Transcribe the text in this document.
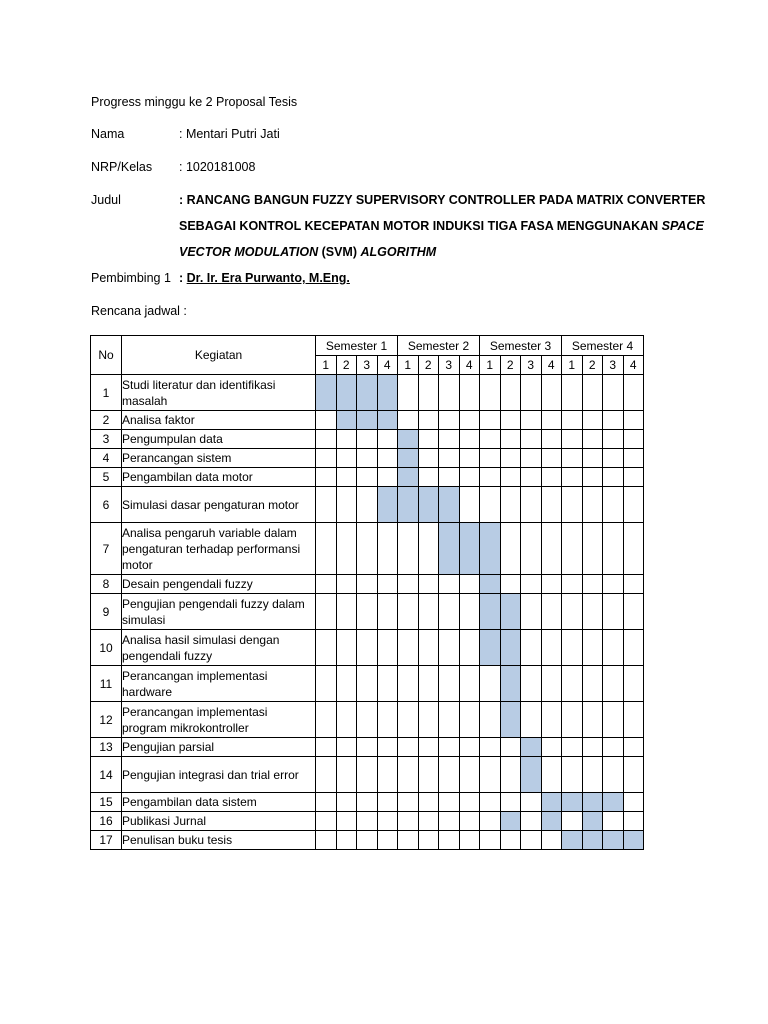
Progress minggu ke 2 Proposal Tesis
Nama	: Mentari Putri Jati
NRP/Kelas : 1020181008
Judul	: RANCANG BANGUN FUZZY SUPERVISORY CONTROLLER PADA MATRIX CONVERTER
SEBAGAI KONTROL KECEPATAN MOTOR INDUKSI TIGA FASA MENGGUNAKAN SPACE
VECTOR MODULATION (SVM) ALGORITHM
Pembimbing 1 : Dr. Ir. Era Purwanto, M.Eng.
Rencana jadwal :
No	Kegiatan	Semester 1				Semester 2				Semester 3				Semester 4			
		1	2	3	4	1	2	3	4	1	2	3	4	1	2	3	4
1	Studi literatur dan identifikasi masalah																
2	Analisa faktor																
3	Pengumpulan data																
4	Perancangan sistem																
5	Pengambilan data motor																
6	Simulasi dasar pengaturan motor																
7	Analisa pengaruh variable dalam pengaturan terhadap performansi motor																
8	Desain pengendali fuzzy																
9	Pengujian pengendali fuzzy dalam simulasi																
10	Analisa hasil simulasi dengan pengendali fuzzy																
11	Perancangan implementasi hardware																
12	Perancangan implementasi program mikrokontroller																
13	Pengujian parsial																
14	Pengujian integrasi dan trial error																
15	Pengambilan data sistem																
16	Publikasi Jurnal																
17	Penulisan buku tesis																
